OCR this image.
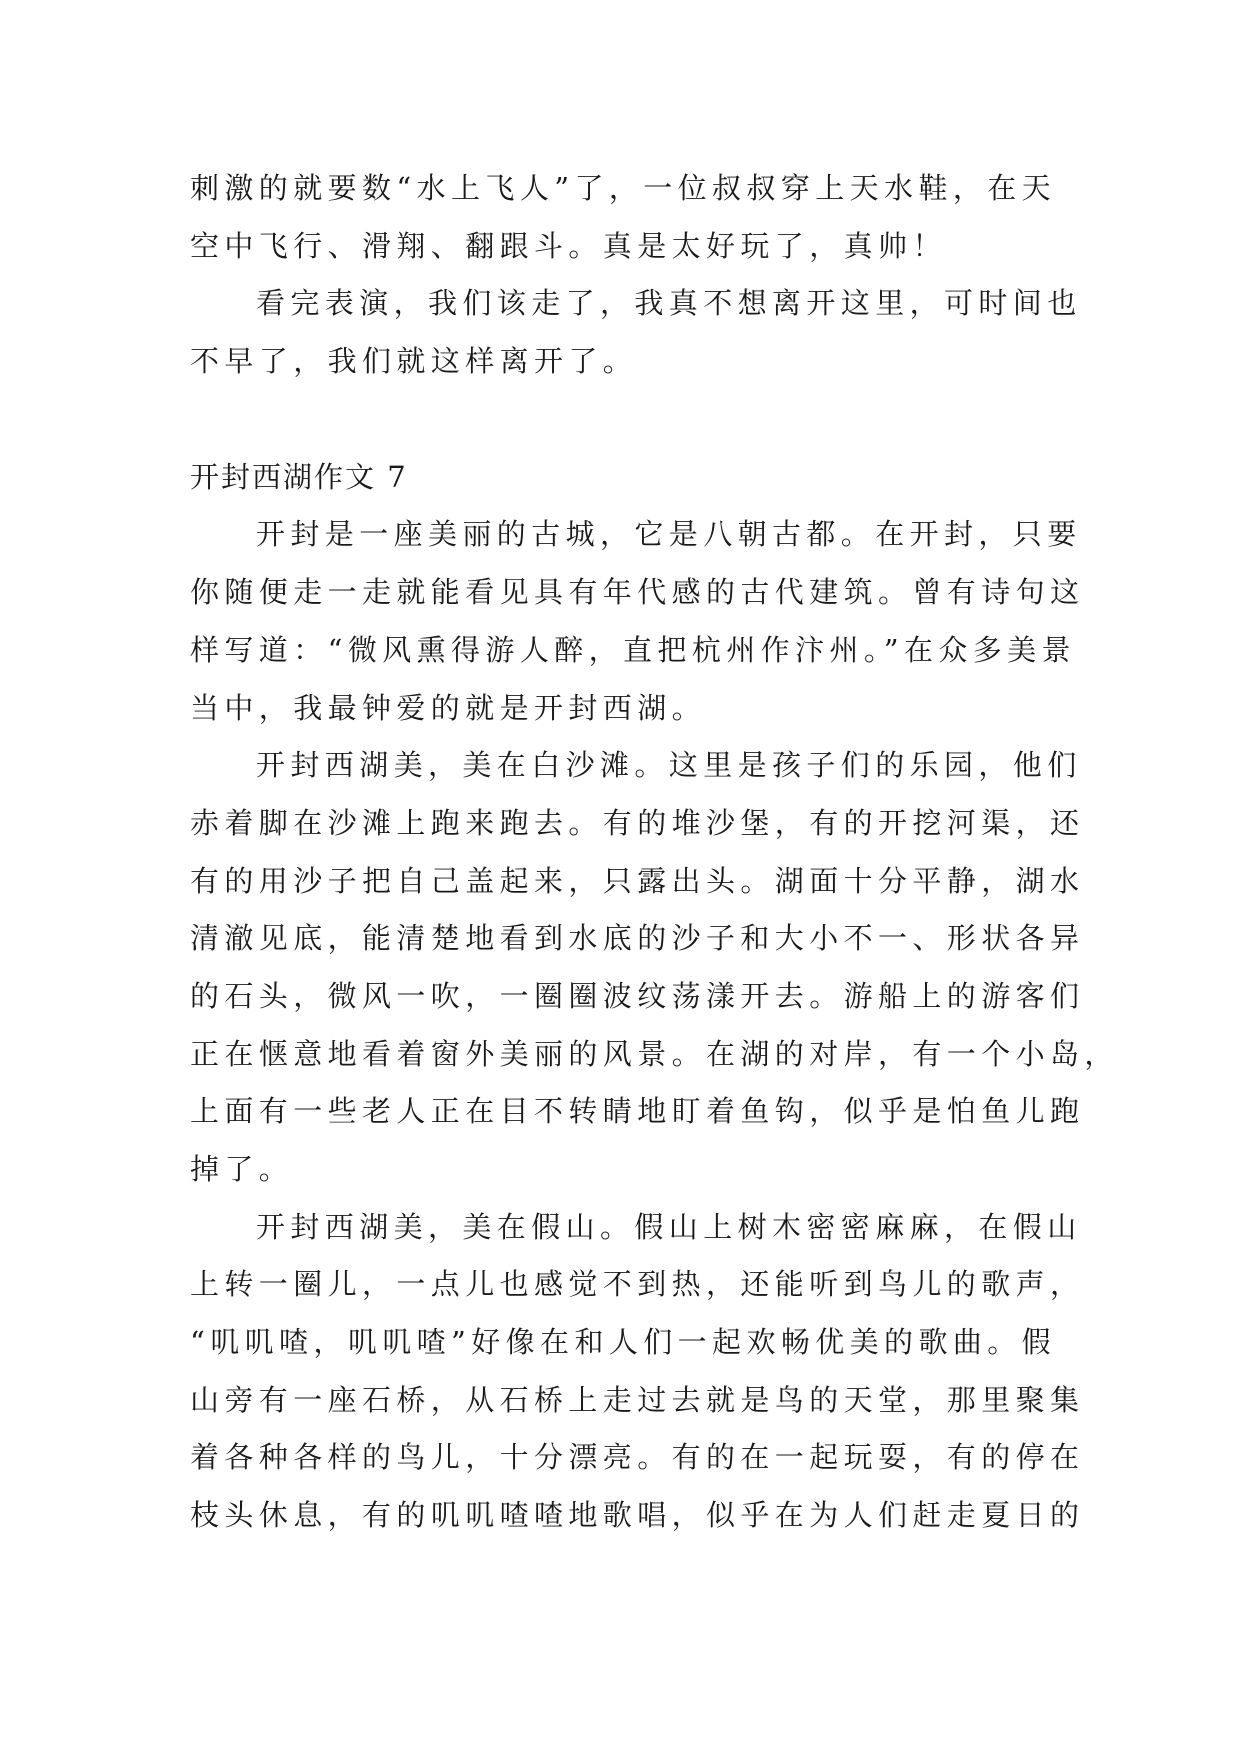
刺激的就要数“水上飞人”了，一位叔叔穿上天水鞋，在天
空中飞行、滑翔、翻跟斗。真是太好玩了，真帅！
看完表演，我们该走了，我真不想离开这里，可时间也
不早了，我们就这样离开了。
开封西湖作文 7
开封是一座美丽的古城，它是八朝古都。在开封，只要
你随便走一走就能看见具有年代感的古代建筑。曾有诗句这
样写道：“微风熏得游人醉，直把杭州作汴州。”在众多美景
当中，我最钟爱的就是开封西湖。
开封西湖美，美在白沙滩。这里是孩子们的乐园，他们
赤着脚在沙滩上跑来跑去。有的堆沙堡，有的开挖河渠，还
有的用沙子把自己盖起来，只露出头。湖面十分平静，湖水
清澈见底，能清楚地看到水底的沙子和大小不一、形状各异
的石头，微风一吹，一圈圈波纹荡漾开去。游船上的游客们
正在惬意地看着窗外美丽的风景。在湖的对岸，有一个小岛，
上面有一些老人正在目不转睛地盯着鱼钩，似乎是怕鱼儿跑
掉了。
开封西湖美，美在假山。假山上树木密密麻麻，在假山
上转一圈儿，一点儿也感觉不到热，还能听到鸟儿的歌声，
“叽叽喳，叽叽喳”好像在和人们一起欢畅优美的歌曲。假
山旁有一座石桥，从石桥上走过去就是鸟的天堂，那里聚集
着各种各样的鸟儿，十分漂亮。有的在一起玩耍，有的停在
枝头休息，有的叽叽喳喳地歌唱，似乎在为人们赶走夏日的
